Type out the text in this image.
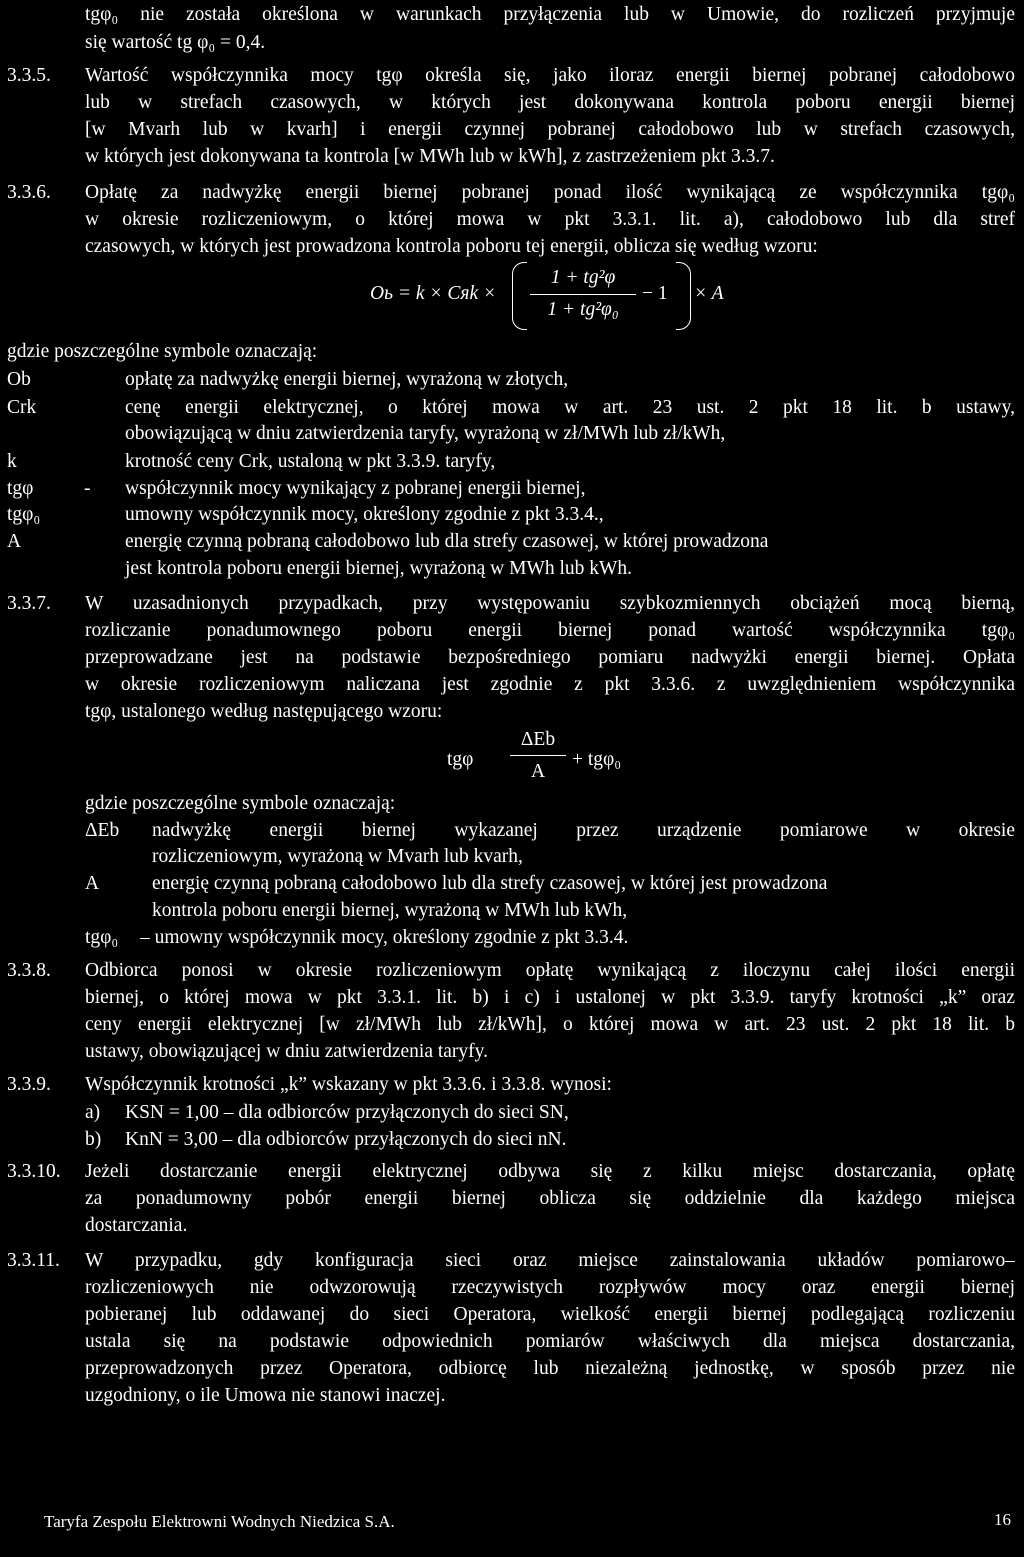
tgφ₀ nie została określona w warunkach przyłączenia lub w Umowie, do rozliczeń przyjmuje
się wartość tg φ₀ = 0,4.
3.3.5. Wartość współczynnika mocy tgφ określa się, jako iloraz energii biernej pobranej całodobowo
lub w strefach czasowych, w których jest dokonywana kontrola poboru energii biernej
[w Mvarh lub w kvarh] i energii czynnej pobranej całodobowo lub w strefach czasowych,
w których jest dokonywana ta kontrola [w MWh lub w kWh], z zastrzeżeniem pkt 3.3.7.
3.3.6. Opłatę za nadwyżkę energii biernej pobranej ponad ilość wynikającą ze współczynnika tgφ₀
w okresie rozliczeniowym, o której mowa w pkt 3.3.1. lit. a), całodobowo lub dla stref
czasowych, w których jest prowadzona kontrola poboru tej energii, oblicza się według wzoru:
Oь = k × Cяk ×
1 + tg²φ
1 + tg²φ₀
− 1 × A
gdzie poszczególne symbole oznaczają:
Ob	opłatę za nadwyżkę energii biernej, wyrażoną w złotych,
Crk	cenę energii elektrycznej, o której mowa w art. 23 ust. 2 pkt 18 lit. b ustawy,
obowiązującą w dniu zatwierdzenia taryfy, wyrażoną w zł/MWh lub zł/kWh,
k	krotność ceny Crk, ustaloną w pkt 3.3.9. taryfy,
tgφ	- współczynnik mocy wynikający z pobranej energii biernej,
tgφ₀	umowny współczynnik mocy, określony zgodnie z pkt 3.3.4.,
A	energię czynną pobraną całodobowo lub dla strefy czasowej, w której prowadzona
jest kontrola poboru energii biernej, wyrażoną w MWh lub kWh.
3.3.7. W uzasadnionych przypadkach, przy występowaniu szybkozmiennych obciążeń mocą bierną,
rozliczanie ponadumownego poboru energii biernej ponad wartość współczynnika tgφ₀
przeprowadzane jest na podstawie bezpośredniego pomiaru nadwyżki energii biernej. Opłata
w okresie rozliczeniowym naliczana jest zgodnie z pkt 3.3.6. z uwzględnieniem współczynnika
tgφ, ustalonego według następującego wzoru:
tgφ
ΔEb
A
+ tgφ₀
gdzie poszczególne symbole oznaczają:
ΔEb nadwyżkę energii biernej wykazanej przez urządzenie pomiarowe w okresie
rozliczeniowym, wyrażoną w Mvarh lub kvarh,
A	energię czynną pobraną całodobowo lub dla strefy czasowej, w której jest prowadzona
kontrola poboru energii biernej, wyrażoną w MWh lub kWh,
tgφ₀ – umowny współczynnik mocy, określony zgodnie z pkt 3.3.4.
3.3.8. Odbiorca ponosi w okresie rozliczeniowym opłatę wynikającą z iloczynu całej ilości energii
biernej, o której mowa w pkt 3.3.1. lit. b) i c) i ustalonej w pkt 3.3.9. taryfy krotności „k” oraz
ceny energii elektrycznej [w zł/MWh lub zł/kWh], o której mowa w art. 23 ust. 2 pkt 18 lit. b
ustawy, obowiązującej w dniu zatwierdzenia taryfy.
3.3.9. Współczynnik krotności „k” wskazany w pkt 3.3.6. i 3.3.8. wynosi:
a) KSN = 1,00 – dla odbiorców przyłączonych do sieci SN,
b) KnN = 3,00 – dla odbiorców przyłączonych do sieci nN.
3.3.10. Jeżeli dostarczanie energii elektrycznej odbywa się z kilku miejsc dostarczania, opłatę
za ponadumowny pobór energii biernej oblicza się oddzielnie dla każdego miejsca
dostarczania.
3.3.11. W przypadku, gdy konfiguracja sieci oraz miejsce zainstalowania układów pomiarowo–
rozliczeniowych nie odwzorowują rzeczywistych rozpływów mocy oraz energii biernej
pobieranej lub oddawanej do sieci Operatora, wielkość energii biernej podlegającą rozliczeniu
ustala się na podstawie odpowiednich pomiarów właściwych dla miejsca dostarczania,
przeprowadzonych przez Operatora, odbiorcę lub niezależną jednostkę, w sposób przez nie
uzgodniony, o ile Umowa nie stanowi inaczej.
Taryfa Zespołu Elektrowni Wodnych Niedzica S.A.	16
